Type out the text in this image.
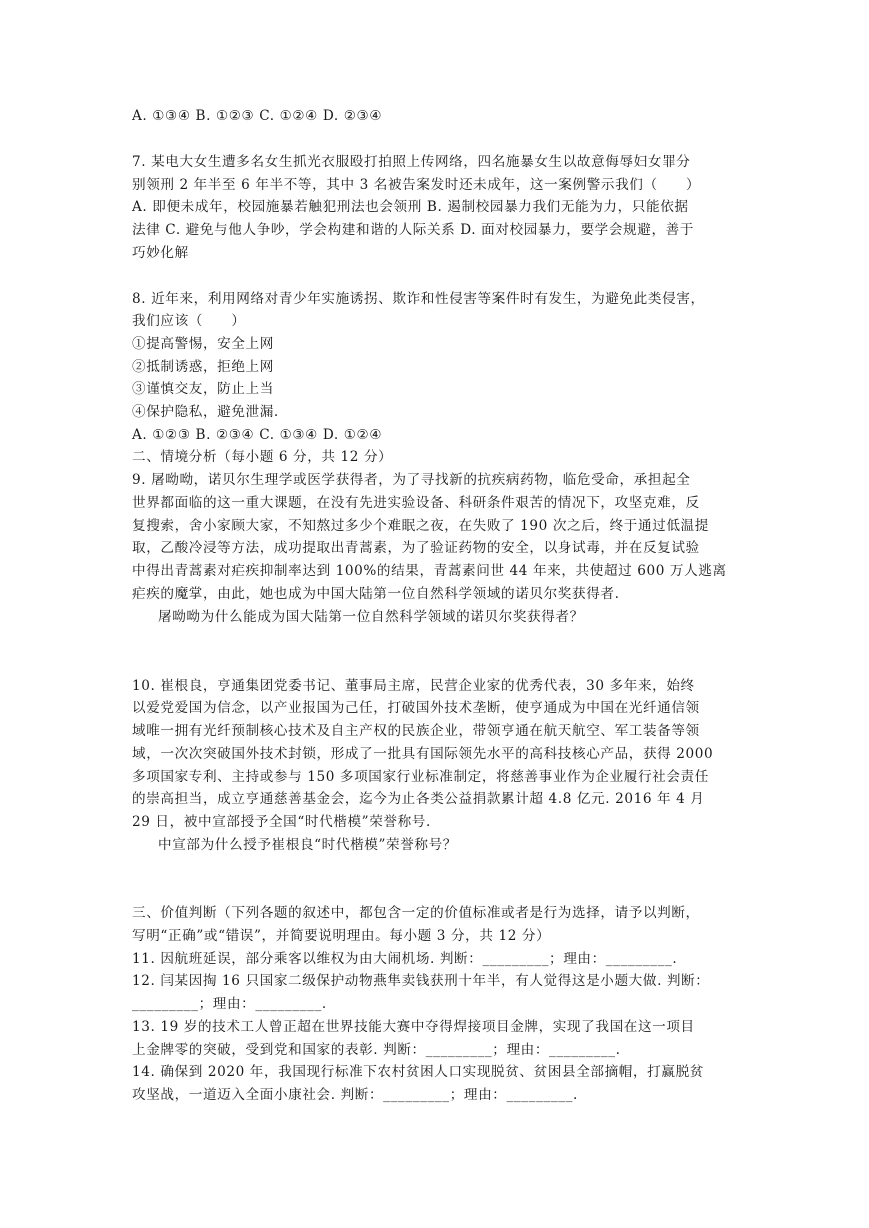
A. ①③④ B. ①②③ C. ①②④ D. ②③④
7. 某电大女生遭多名女生抓光衣服殴打拍照上传网络，四名施暴女生以故意侮辱妇女罪分
别领刑 2 年半至 6 年半不等，其中 3 名被告案发时还未成年，这一案例警示我们（　　）
A. 即便未成年，校园施暴若触犯刑法也会领刑 B. 遏制校园暴力我们无能为力，只能依据
法律 C. 避免与他人争吵，学会构建和谐的人际关系 D. 面对校园暴力，要学会规避，善于
巧妙化解
8. 近年来，利用网络对青少年实施诱拐、欺诈和性侵害等案件时有发生，为避免此类侵害，
我们应该（　　）
①提高警惕，安全上网
②抵制诱惑，拒绝上网
③谨慎交友，防止上当
④保护隐私，避免泄漏.
A. ①②③ B. ②③④ C. ①③④ D. ①②④
二、情境分析（每小题 6 分，共 12 分）
9. 屠呦呦，诺贝尔生理学或医学获得者，为了寻找新的抗疾病药物，临危受命，承担起全
世界都面临的这一重大课题，在没有先进实验设备、科研条件艰苦的情况下，攻坚克难，反
复搜索，舍小家顾大家，不知熬过多少个难眠之夜，在失败了 190 次之后，终于通过低温提
取，乙酸冷浸等方法，成功提取出青蒿素，为了验证药物的安全，以身试毒，并在反复试验
中得出青蒿素对疟疾抑制率达到 100%的结果，青蒿素问世 44 年来，共使超过 600 万人逃离
疟疾的魔掌，由此，她也成为中国大陆第一位自然科学领域的诺贝尔奖获得者.
屠呦呦为什么能成为国大陆第一位自然科学领域的诺贝尔奖获得者？
10. 崔根良，亨通集团党委书记、董事局主席，民营企业家的优秀代表，30 多年来，始终
以爱党爱国为信念，以产业报国为己任，打破国外技术垄断，使亨通成为中国在光纤通信领
域唯一拥有光纤预制核心技术及自主产权的民族企业，带领亨通在航天航空、军工装备等领
域，一次次突破国外技术封锁，形成了一批具有国际领先水平的高科技核心产品，获得 2000
多项国家专利、主持或参与 150 多项国家行业标准制定，将慈善事业作为企业履行社会责任
的崇高担当，成立亨通慈善基金会，迄今为止各类公益捐款累计超 4.8 亿元. 2016 年 4 月
29 日，被中宣部授予全国“时代楷模”荣誉称号.
中宣部为什么授予崔根良“时代楷模”荣誉称号？
三、价值判断（下列各题的叙述中，都包含一定的价值标准或者是行为选择，请予以判断，
写明“正确”或“错误”，并简要说明理由。每小题 3 分，共 12 分）
11. 因航班延误，部分乘客以维权为由大闹机场. 判断：_________；理由：_________.
12. 闫某因掏 16 只国家二级保护动物燕隼卖钱获刑十年半，有人觉得这是小题大做. 判断：
_________；理由：_________.
13. 19 岁的技术工人曾正超在世界技能大赛中夺得焊接项目金牌，实现了我国在这一项目
上金牌零的突破，受到党和国家的表彰. 判断：_________；理由：_________.
14. 确保到 2020 年，我国现行标准下农村贫困人口实现脱贫、贫困县全部摘帽，打赢脱贫
攻坚战，一道迈入全面小康社会. 判断：_________；理由：_________.
